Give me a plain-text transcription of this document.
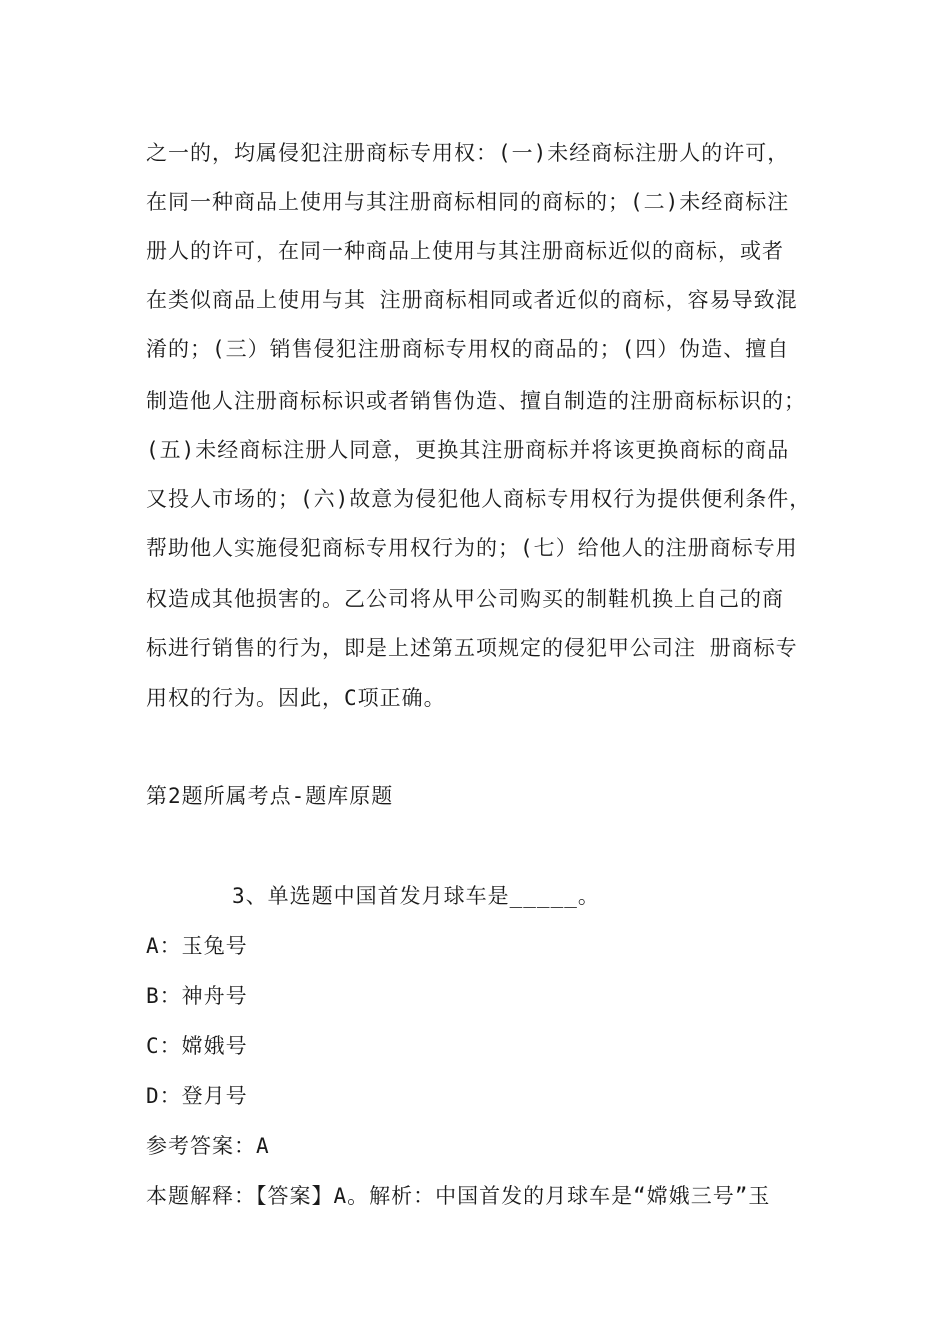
之一的，均属侵犯注册商标专用权：(一)未经商标注册人的许可，
在同一种商品上使用与其注册商标相同的商标的；(二)未经商标注
册人的许可，在同一种商品上使用与其注册商标近似的商标，或者
在类似商品上使用与其 注册商标相同或者近似的商标，容易导致混
淆的；(三）销售侵犯注册商标专用权的商品的；(四）伪造、擅自
制造他人注册商标标识或者销售伪造、擅自制造的注册商标标识的；
(五)未经商标注册人同意，更换其注册商标并将该更换商标的商品
又投人市场的；(六)故意为侵犯他人商标专用权行为提供便利条件，
帮助他人实施侵犯商标专用权行为的；(七）给他人的注册商标专用
权造成其他损害的。乙公司将从甲公司购买的制鞋机换上自己的商
标进行销售的行为，即是上述第五项规定的侵犯甲公司注 册商标专
用权的行为。因此，C项正确。
第2题所属考点-题库原题
3、单选题中国首发月球车是_____。
A：玉兔号
B：神舟号
C：嫦娥号
D：登月号
参考答案：A
本题解释：【答案】A。解析：中国首发的月球车是“嫦娥三号”玉
